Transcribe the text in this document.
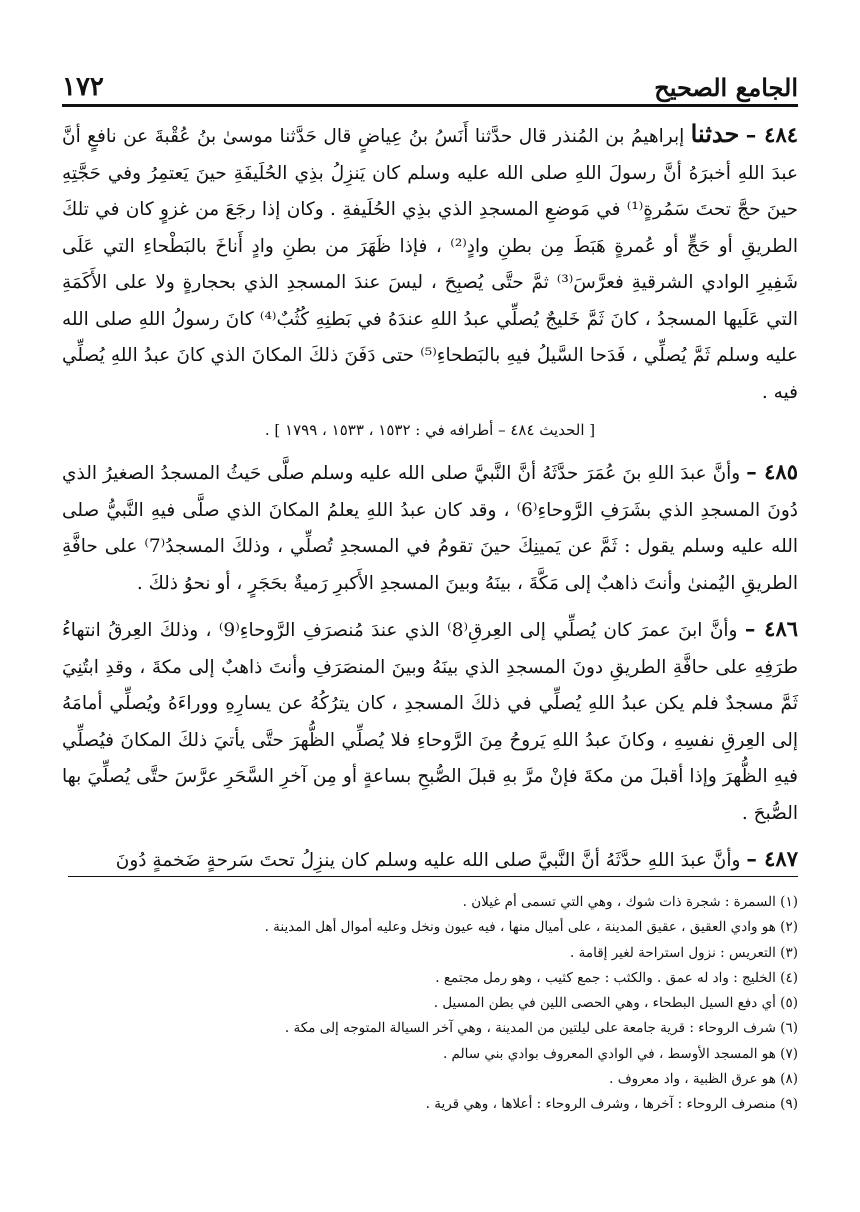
١٧٢	الجامع الصحيح

٤٨٤ – حدثنا إبراهيمُ بن المُنذر قال حدَّثنا أَنَسُ بنُ عِياضٍ قال حَدَّثنا موسىٰ بنُ عُقْبةَ عن نافعٍ أنَّ عبدَ اللهِ أخبرَهُ أنَّ رسولَ اللهِ صلى الله عليه وسلم كان يَنزِلُ بذِي الحُلَيفَةِ حينَ يَعتمِرُ وفي حَجَّتِهِ حينَ حجَّ تحتَ سَمُرةٍ⁽¹⁾ في مَوضعِ المسجدِ الذي بذِي الحُلَيفةِ . وكان إذا رجَعَ من غزوٍ كان في تلكَ الطريقِ أو حَجٍّ أو عُمرةٍ هَبَطَ مِن بطنِ وادٍ⁽²⁾ ، فإذا ظَهَرَ من بطنِ وادٍ أَناخَ بالبَطْحاءِ التي عَلَى شَفِيرِ الوادي الشرقيةِ فعرَّسَ⁽³⁾ ثمَّ حتَّى يُصبِحَ ، ليسَ عندَ المسجدِ الذي بحجارةٍ ولا على الأَكَمَةِ التي عَلَيها المسجدُ ، كانَ ثَمَّ خَليجٌ يُصلِّي عبدُ اللهِ عندَهُ في بَطنِهِ كُثُبٌ⁽⁴⁾ كانَ رسولُ اللهِ صلى الله عليه وسلم ثَمَّ يُصلِّي ، فَدَحا السَّيلُ فيهِ بالبَطحاءِ⁽⁵⁾ حتى دَفَنَ ذلكَ المكانَ الذي كانَ عبدُ اللهِ يُصلِّي فيه .

[ الحديث ٤٨٤ – أطرافه في : ١٥٣٢ ، ١٥٣٣ ، ١٧٩٩ ] .

٤٨٥ – وأنَّ عبدَ اللهِ بنَ عُمَرَ حدَّثَهُ أنَّ النَّبيَّ صلى الله عليه وسلم صلَّى حَيثُ المسجدُ الصغيرُ الذي دُونَ المسجدِ الذي بشَرَفِ الرَّوحاءِ⁽6⁾ ، وقد كان عبدُ اللهِ يعلمُ المكانَ الذي صلَّى فيهِ النَّبيُّ صلى الله عليه وسلم يقول : ثَمَّ عن يَمينِكَ حينَ تقومُ في المسجدِ تُصلِّي ، وذلكَ المسجدُ⁽7⁾ على حافَّةِ الطريقِ اليُمنىٰ وأنتَ ذاهبٌ إلى مَكَّةَ ، بينَهُ وبينَ المسجدِ الأَكبرِ رَميةٌ بحَجَرٍ ، أو نحوُ ذلكَ .

٤٨٦ – وأنَّ ابنَ عمرَ كان يُصلِّي إلى العِرقِ⁽8⁾ الذي عندَ مُنصرَفِ الرَّوحاءِ⁽9⁾ ، وذلكَ العِرقُ انتهاءُ طرَفِهِ على حافَّةِ الطريقِ دونَ المسجدِ الذي بينَهُ وبينَ المنصَرَفِ وأنتَ ذاهبٌ إلى مكةَ ، وقدِ ابتُنِيَ ثَمَّ مسجدٌ فلم يكن عبدُ اللهِ يُصلِّي في ذلكَ المسجدِ ، كان يترُكُهُ عن يسارِهِ ووراءَهُ ويُصلِّي أمامَهُ إلى العِرقِ نفسِهِ ، وكانَ عبدُ اللهِ يَروحُ مِنَ الرَّوحاءِ فلا يُصلِّي الظُّهرَ حتَّى يأتيَ ذلكَ المكانَ فيُصلِّي فيهِ الظُّهرَ وإذا أقبلَ من مكةَ فإنْ مرَّ بهِ قبلَ الصُّبحِ بساعةٍ أو مِن آخرِ السَّحَرِ عرَّسَ حتَّى يُصلِّيَ بها الصُّبحَ .

٤٨٧ – وأنَّ عبدَ اللهِ حدَّثَهُ أنَّ النَّبيَّ صلى الله عليه وسلم كان ينزِلُ تحتَ سَرحةٍ ضَخمةٍ دُونَ

(١) السمرة : شجرة ذات شوك ، وهي التي تسمى أم غيلان .
(٢) هو وادي العقيق ، عقيق المدينة ، على أميال منها ، فيه عيون ونخل وعليه أموال أهل المدينة .
(٣) التعريس : نزول استراحة لغير إقامة .
(٤) الخليج : واد له عمق . والكثب : جمع كثيب ، وهو رمل مجتمع .
(٥) أي دفع السيل البطحاء ، وهي الحصى اللين في بطن المسيل .
(٦) شرف الروحاء : قرية جامعة على ليلتين من المدينة ، وهي آخر السيالة المتوجه إلى مكة .
(٧) هو المسجد الأوسط ، في الوادي المعروف بوادي بني سالم .
(٨) هو عرق الظبية ، واد معروف .
(٩) منصرف الروحاء : آخرها ، وشرف الروحاء : أعلاها ، وهي قرية .
